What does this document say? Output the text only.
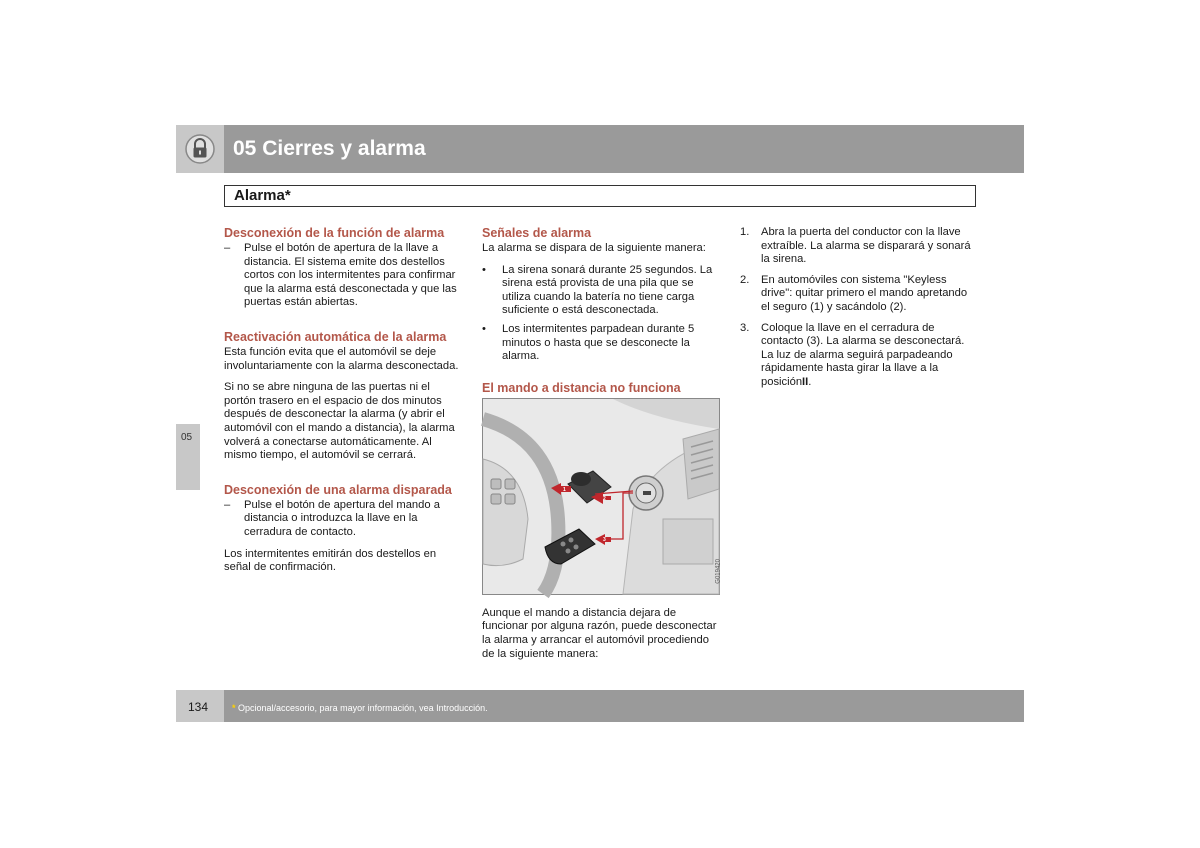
05 Cierres y alarma
Alarma*
05
Desconexión de la función de alarma
–	Pulse el botón de apertura de la llave a distancia. El sistema emite dos destellos cortos con los intermitentes para confirmar que la alarma está desconectada y que las puertas están abiertas.
Reactivación automática de la alarma

Esta función evita que el automóvil se deje involuntariamente con la alarma desconectada.

Si no se abre ninguna de las puertas ni el portón trasero en el espacio de dos minutos después de desconectar la alarma (y abrir el automóvil con el mando a distancia), la alarma volverá a conectarse automáticamente. Al mismo tiempo, el automóvil se cerrará.

Desconexión de una alarma disparada
–	Pulse el botón de apertura del mando a distancia o introduzca la llave en la cerradura de contacto.

Los intermitentes emitirán dos destellos en señal de confirmación.

Señales de alarma

La alarma se dispara de la siguiente manera:

•	La sirena sonará durante 25 segundos. La sirena está provista de una pila que se utiliza cuando la batería no tiene carga suficiente o está desconectada.
•	Los intermitentes parpadean durante 5 minutos o hasta que se desconecte la alarma.
El mando a distancia no funciona
1
2
3
G019420

Aunque el mando a distancia dejara de funcionar por alguna razón, puede desconectar la alarma y arrancar el automóvil procediendo de la siguiente manera:

1.	Abra la puerta del conductor con la llave extraíble. La alarma se disparará y sonará la sirena.
2.	En automóviles con sistema "Keyless drive": quitar primero el mando apretando el seguro (1) y sacándolo (2).
3.	Coloque la llave en el cerradura de contacto (3). La alarma se desconectará. La luz de alarma seguirá parpadeando rápidamente hasta girar la llave a la posiciónII.
134	* Opcional/accesorio, para mayor información, vea Introducción.
